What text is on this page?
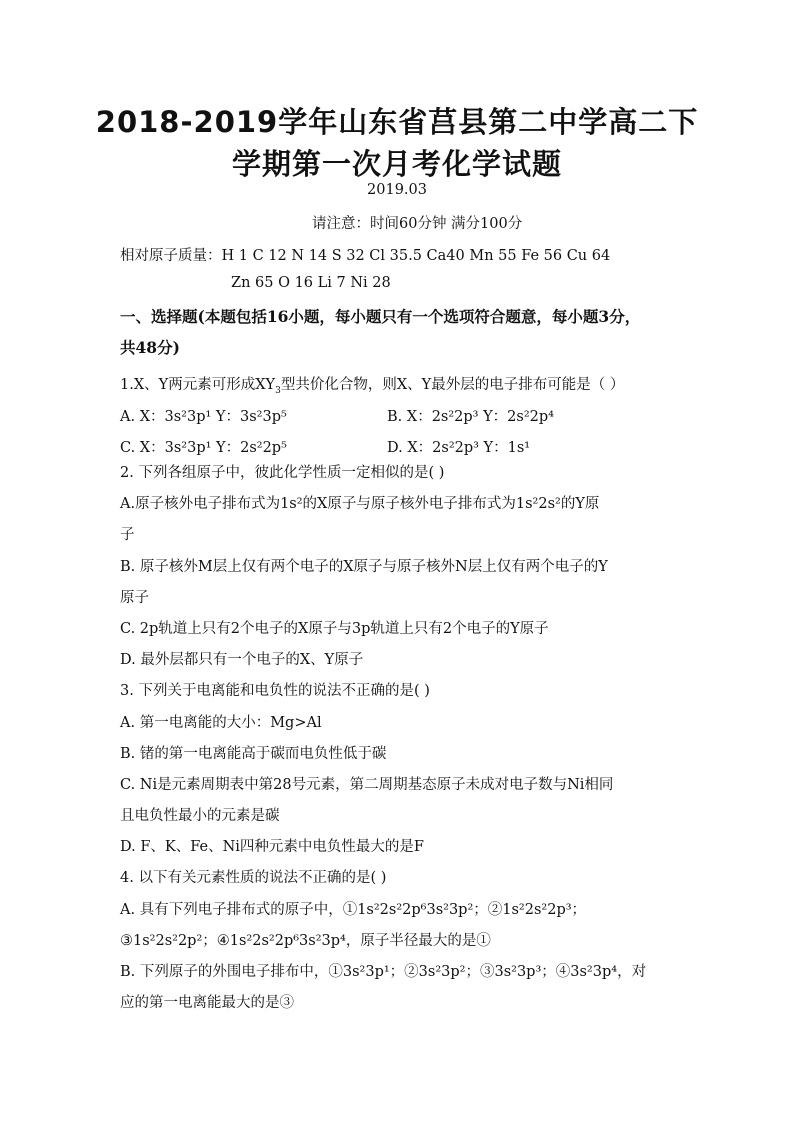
2018-2019学年山东省莒县第二中学高二下
学期第一次月考化学试题
2019.03
请注意：时间60分钟 满分100分
相对原子质量：H 1 C 12 N 14 S 32 Cl 35.5 Ca40 Mn 55 Fe 56 Cu 64
Zn 65 O 16 Li 7 Ni 28
一、选择题(本题包括16小题，每小题只有一个选项符合题意，每小题3分，
共48分)
1.X、Y两元素可形成$XY_3$型共价化合物，则X、Y最外层的电子排布可能是（ ）
A. X：3s²3p¹ Y：3s²3p⁵	B. X：2s²2p³ Y：2s²2p⁴
C. X：3s²3p¹ Y：2s²2p⁵	D. X：2s²2p³ Y：1s¹
2. 下列各组原子中，彼此化学性质一定相似的是( )
A.原子核外电子排布式为1s²的X原子与原子核外电子排布式为1s²2s²的Y原
子
B. 原子核外M层上仅有两个电子的X原子与原子核外N层上仅有两个电子的Y
原子
C. 2p轨道上只有2个电子的X原子与3p轨道上只有2个电子的Y原子
D. 最外层都只有一个电子的X、Y原子
3. 下列关于电离能和电负性的说法不正确的是( )
A. 第一电离能的大小：Mg>Al
B. 锗的第一电离能高于碳而电负性低于碳
C. Ni是元素周期表中第28号元素，第二周期基态原子未成对电子数与Ni相同
且电负性最小的元素是碳
D. F、K、Fe、Ni四种元素中电负性最大的是F
4. 以下有关元素性质的说法不正确的是( )
A. 具有下列电子排布式的原子中，①1s²2s²2p⁶3s²3p²；②1s²2s²2p³；
③1s²2s²2p²；④1s²2s²2p⁶3s²3p⁴，原子半径最大的是①
B. 下列原子的外围电子排布中，①3s²3p¹；②3s²3p²；③3s²3p³；④3s²3p⁴，对
应的第一电离能最大的是③
